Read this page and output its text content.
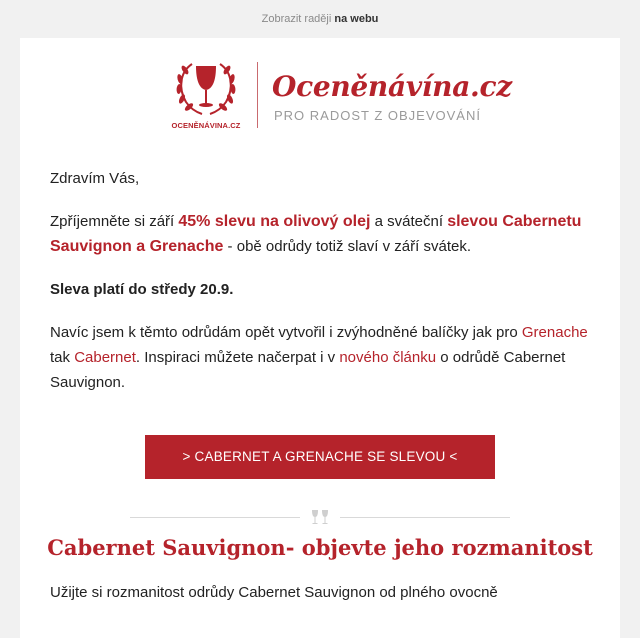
Zobrazit raději na webu
OCENĚNÁVINA.CZ
Oceněnávína.cz
PRO RADOST Z OBJEVOVÁNÍ

Zdravím Vás,

Zpříjemněte si září 45% slevu na olivový olej a sváteční slevou Cabernetu Sauvignon a Grenache - obě odrůdy totiž slaví v září svátek.

Sleva platí do středy 20.9.

Navíc jsem k těmto odrůdám opět vytvořil i zvýhodněné balíčky jak pro Grenache tak Cabernet. Inspiraci můžete načerpat i v nového článku o odrůdě Cabernet Sauvignon.

> CABERNET A GRENACHE SE SLEVOU <
Cabernet Sauvignon- objevte jeho rozmanitost
Užijte si rozmanitost odrůdy Cabernet Sauvignon od plného ovocně
